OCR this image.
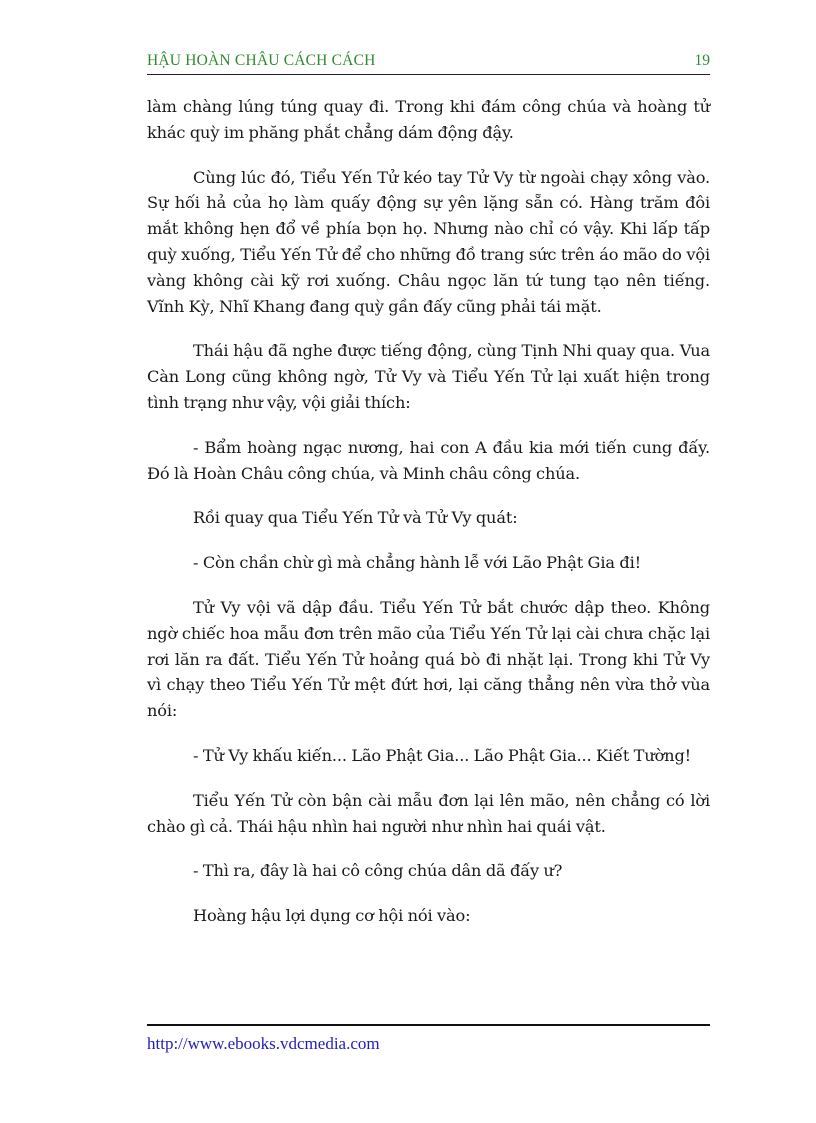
HẬU HOÀN CHÂU CÁCH CÁCH	19

làm chàng lúng túng quay đi. Trong khi đám công chúa và hoàng tử khác quỳ im phăng phắt chẳng dám động đậy.

Cùng lúc đó, Tiểu Yến Tử kéo tay Tử Vy từ ngoài chạy xông vào. Sự hối hả của họ làm quấy động sự yên lặng sẵn có. Hàng trăm đôi mắt không hẹn đổ về phía bọn họ. Nhưng nào chỉ có vậy. Khi lấp tấp quỳ xuống, Tiểu Yến Tử để cho những đồ trang sức trên áo mão do vội vàng không cài kỹ rơi xuống. Châu ngọc lăn tứ tung tạo nên tiếng. Vĩnh Kỳ, Nhĩ Khang đang quỳ gần đấy cũng phải tái mặt.

Thái hậu đã nghe được tiếng động, cùng Tịnh Nhi quay qua. Vua Càn Long cũng không ngờ, Tử Vy và Tiểu Yến Tử lại xuất hiện trong tình trạng như vậy, vội giải thích:

- Bẩm hoàng ngạc nương, hai con A đầu kia mới tiến cung đấy. Đó là Hoàn Châu công chúa, và Minh châu công chúa.

Rồi quay qua Tiểu Yến Tử và Tử Vy quát:

- Còn chần chừ gì mà chẳng hành lễ với Lão Phật Gia đi!

Tử Vy vội vã dập đầu. Tiểu Yến Tử bắt chước dập theo. Không ngờ chiếc hoa mẫu đơn trên mão của Tiểu Yến Tử lại cài chưa chặc lại rơi lăn ra đất. Tiểu Yến Tử hoảng quá bò đi nhặt lại. Trong khi Tử Vy vì chạy theo Tiểu Yến Tử mệt đứt hơi, lại căng thẳng nên vừa thở vùa nói:

- Tử Vy khấu kiến... Lão Phật Gia... Lão Phật Gia... Kiết Tường!

Tiểu Yến Tử còn bận cài mẫu đơn lại lên mão, nên chẳng có lời chào gì cả. Thái hậu nhìn hai người như nhìn hai quái vật.

- Thì ra, đây là hai cô công chúa dân dã đấy ư?

Hoàng hậu lợi dụng cơ hội nói vào:

http://www.ebooks.vdcmedia.com
